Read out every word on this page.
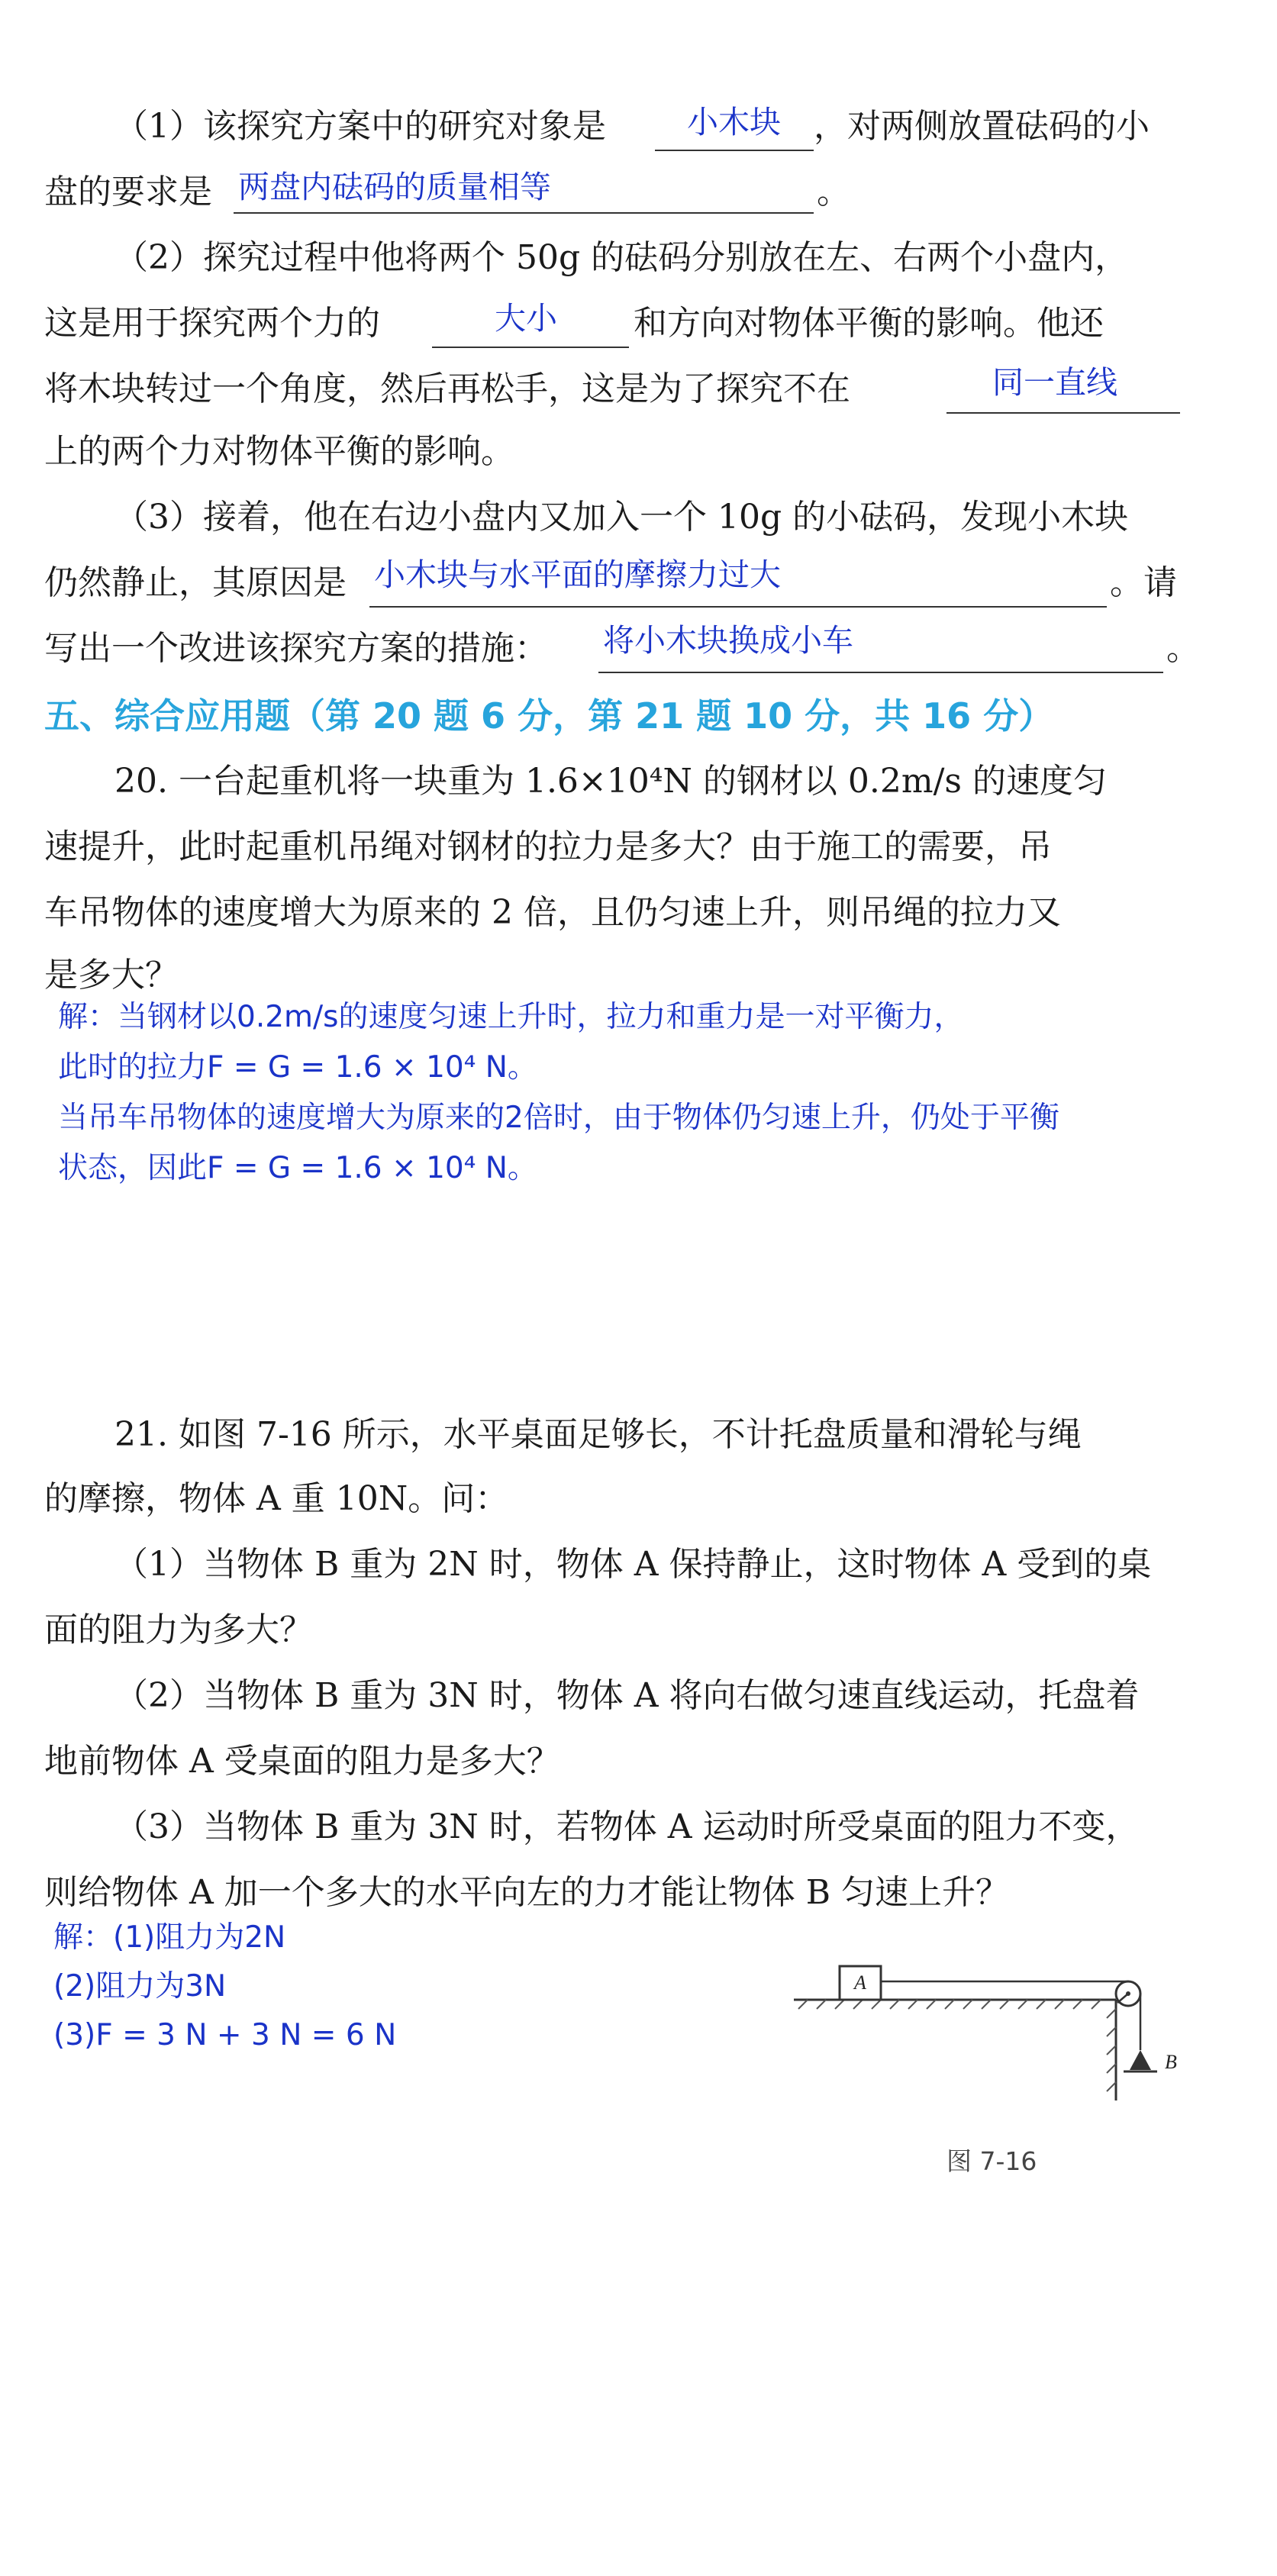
（1）该探究方案中的研究对象是	小木块 ，对两侧放置砝码的小
盘的要求是 两盘内砝码的质量相等	。
（2）探究过程中他将两个 50g 的砝码分别放在左、右两个小盘内，
这是用于探究两个力的	大小 和方向对物体平衡的影响。他还
将木块转过一个角度，然后再松手，这是为了探究不在	同一直线
上的两个力对物体平衡的影响。
（3）接着，他在右边小盘内又加入一个 10g 的小砝码，发现小木块
仍然静止，其原因是 小木块与水平面的摩擦力过大	。请
写出一个改进该探究方案的措施： 将小木块换成小车	。
五、综合应用题（第 20 题 6 分，第 21 题 10 分，共 16 分）
20. 一台起重机将一块重为 1.6×10⁴N 的钢材以 0.2m/s 的速度匀
速提升，此时起重机吊绳对钢材的拉力是多大？由于施工的需要，吊
车吊物体的速度增大为原来的 2 倍，且仍匀速上升，则吊绳的拉力又
是多大？
解：当钢材以0.2m/s的速度匀速上升时，拉力和重力是一对平衡力，
此时的拉力F = G = 1.6 × 10⁴ N。
当吊车吊物体的速度增大为原来的2倍时，由于物体仍匀速上升，仍处于平衡
状态，因此F = G = 1.6 × 10⁴ N。
21. 如图 7-16 所示，水平桌面足够长，不计托盘质量和滑轮与绳
的摩擦，物体 A 重 10N。问：
（1）当物体 B 重为 2N 时，物体 A 保持静止，这时物体 A 受到的桌
面的阻力为多大？
（2）当物体 B 重为 3N 时，物体 A 将向右做匀速直线运动，托盘着
地前物体 A 受桌面的阻力是多大？
（3）当物体 B 重为 3N 时，若物体 A 运动时所受桌面的阻力不变，
则给物体 A 加一个多大的水平向左的力才能让物体 B 匀速上升？
解：(1)阻力为2N
(2)阻力为3N
(3)F = 3 N + 3 N = 6 N
A
B
图 7-16
